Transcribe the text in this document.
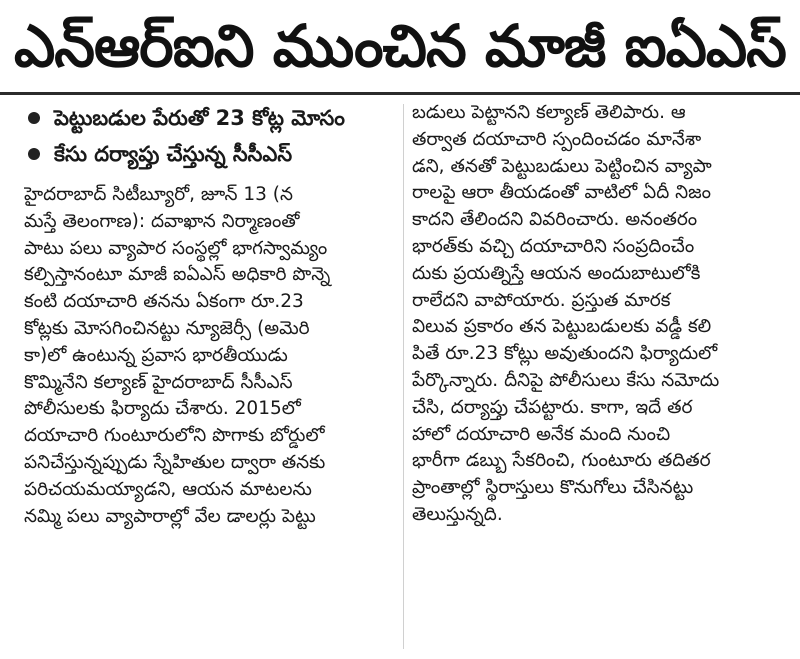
ఎన్ఆర్ఐని ముంచిన మాజీ ఐఏఎస్
పెట్టుబడుల పేరుతో 23 కోట్ల మోసం
కేసు దర్యాప్తు చేస్తున్న సీసీఎస్
హైదరాబాద్ సిటీబ్యూరో, జూన్ 13 (న
మస్తే తెలంగాణ): దవాఖాన నిర్మాణంతో
పాటు పలు వ్యాపార సంస్థల్లో భాగస్వామ్యం
కల్పిస్తానంటూ మాజీ ఐఏఎస్ అధికారి పొన్నె
కంటి దయాచారి తనను ఏకంగా రూ.23
కోట్లకు మోసగించినట్టు న్యూజెర్సీ (అమెరి
కా)లో ఉంటున్న ప్రవాస భారతీయుడు
కొమ్మినేని కల్యాణ్ హైదరాబాద్ సీసీఎస్
పోలీసులకు ఫిర్యాదు చేశారు. 2015లో
దయాచారి గుంటూరులోని పొగాకు బోర్డులో
పనిచేస్తున్నప్పుడు స్నేహితుల ద్వారా తనకు
పరిచయమయ్యాడని, ఆయన మాటలను
నమ్మి పలు వ్యాపారాల్లో వేల డాలర్లు పెట్టు
బడులు పెట్టానని కల్యాణ్ తెలిపారు. ఆ
తర్వాత దయాచారి స్పందించడం మానేశా
డని, తనతో పెట్టుబడులు పెట్టించిన వ్యాపా
రాలపై ఆరా తీయడంతో వాటిలో ఏదీ నిజం
కాదని తేలిందని వివరించారు. అనంతరం
భారత్‌కు వచ్చి దయాచారిని సంప్రదించేం
దుకు ప్రయత్నిస్తే ఆయన అందుబాటులోకి
రాలేదని వాపోయారు. ప్రస్తుత మారక
విలువ ప్రకారం తన పెట్టుబడులకు వడ్డీ కలి
పితే రూ.23 కోట్లు అవుతుందని ఫిర్యాదులో
పేర్కొన్నారు. దీనిపై పోలీసులు కేసు నమోదు
చేసి, దర్యాప్తు చేపట్టారు. కాగా, ఇదే తర
హాలో దయాచారి అనేక మంది నుంచి
భారీగా డబ్బు సేకరించి, గుంటూరు తదితర
ప్రాంతాల్లో స్థిరాస్తులు కొనుగోలు చేసినట్టు
తెలుస్తున్నది.
